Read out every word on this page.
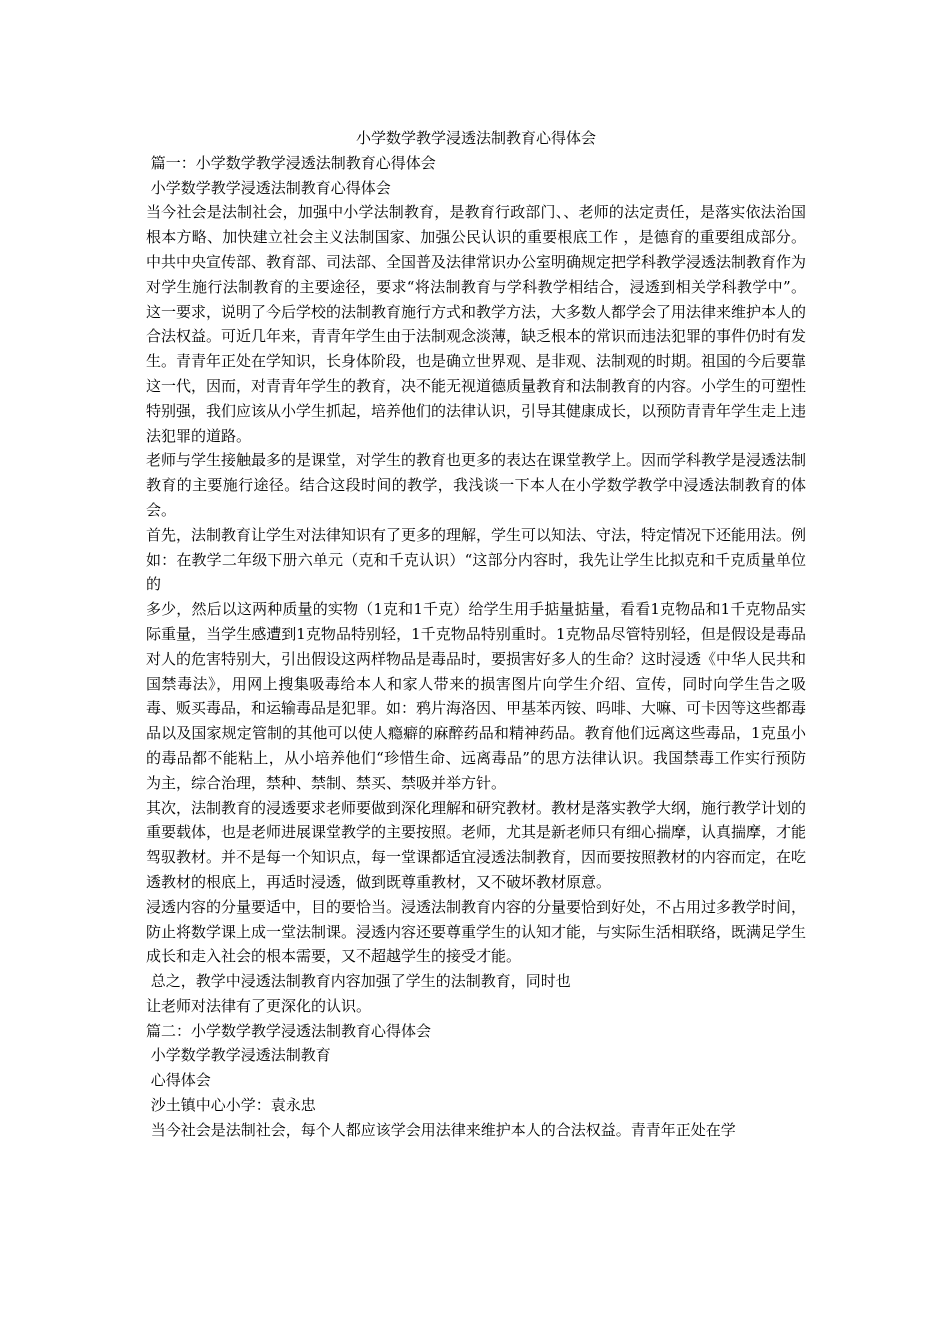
小学数学教学浸透法制教育心得体会
篇一：小学数学教学浸透法制教育心得体会
小学数学教学浸透法制教育心得体会

当今社会是法制社会，加强中小学法制教育，是教育行政部门、、老师的法定责任，是落实依法治国根本方略、加快建立社会主义法制国家、加强公民认识的重要根底工作 ，是德育的重要组成部分。中共中央宣传部、教育部、司法部、全国普及法律常识办公室明确规定把学科教学浸透法制教育作为对学生施行法制教育的主要途径，要求“将法制教育与学科教学相结合，浸透到相关学科教学中”。这一要求，说明了今后学校的法制教育施行方式和教学方法，大多数人都学会了用法律来维护本人的合法权益。可近几年来，青青年学生由于法制观念淡薄，缺乏根本的常识而违法犯罪的事件仍时有发生。青青年正处在学知识，长身体阶段，也是确立世界观、是非观、法制观的时期。祖国的今后要靠这一代，因而，对青青年学生的教育，决不能无视道德质量教育和法制教育的内容。小学生的可塑性特别强，我们应该从小学生抓起，培养他们的法律认识，引导其健康成长，以预防青青年学生走上违法犯罪的道路。

老师与学生接触最多的是课堂，对学生的教育也更多的表达在课堂教学上。因而学科教学是浸透法制教育的主要施行途径。结合这段时间的教学，我浅谈一下本人在小学数学教学中浸透法制教育的体会。

首先，法制教育让学生对法律知识有了更多的理解，学生可以知法、守法，特定情况下还能用法。例如：在教学二年级下册六单元（克和千克认识）“这部分内容时，我先让学生比拟克和千克质量单位的

多少，然后以这两种质量的实物（1克和1千克）给学生用手掂量掂量，看看1克物品和1千克物品实际重量，当学生感遭到1克物品特别轻，1千克物品特别重时。1克物品尽管特别轻，但是假设是毒品对人的危害特别大，引出假设这两样物品是毒品时，要损害好多人的生命？这时浸透《中华人民共和国禁毒法》，用网上搜集吸毒给本人和家人带来的损害图片向学生介绍、宣传，同时向学生告之吸毒、贩买毒品，和运输毒品是犯罪。如：鸦片海洛因、甲基苯丙铵、吗啡、大嘛、可卡因等这些都毒品以及国家规定管制的其他可以使人瘾癖的麻醉药品和精神药品。教育他们远离这些毒品，1克虽小的毒品都不能粘上，从小培养他们“珍惜生命、远离毒品”的思方法律认识。我国禁毒工作实行预防为主，综合治理，禁种、禁制、禁买、禁吸并举方针。

其次，法制教育的浸透要求老师要做到深化理解和研究教材。教材是落实教学大纲，施行教学计划的重要载体，也是老师进展课堂教学的主要按照。老师，尤其是新老师只有细心揣摩，认真揣摩，才能驾驭教材。并不是每一个知识点，每一堂课都适宜浸透法制教育，因而要按照教材的内容而定，在吃透教材的根底上，再适时浸透，做到既尊重教材，又不破坏教材原意。

浸透内容的分量要适中，目的要恰当。浸透法制教育内容的分量要恰到好处，不占用过多教学时间，防止将数学课上成一堂法制课。浸透内容还要尊重学生的认知才能，与实际生活相联络，既满足学生成长和走入社会的根本需要，又不超越学生的接受才能。

总之，教学中浸透法制教育内容加强了学生的法制教育，同时也
让老师对法律有了更深化的认识。
篇二：小学数学教学浸透法制教育心得体会
小学数学教学浸透法制教育
心得体会
沙土镇中心小学：袁永忠
当今社会是法制社会，每个人都应该学会用法律来维护本人的合法权益。青青年正处在学
